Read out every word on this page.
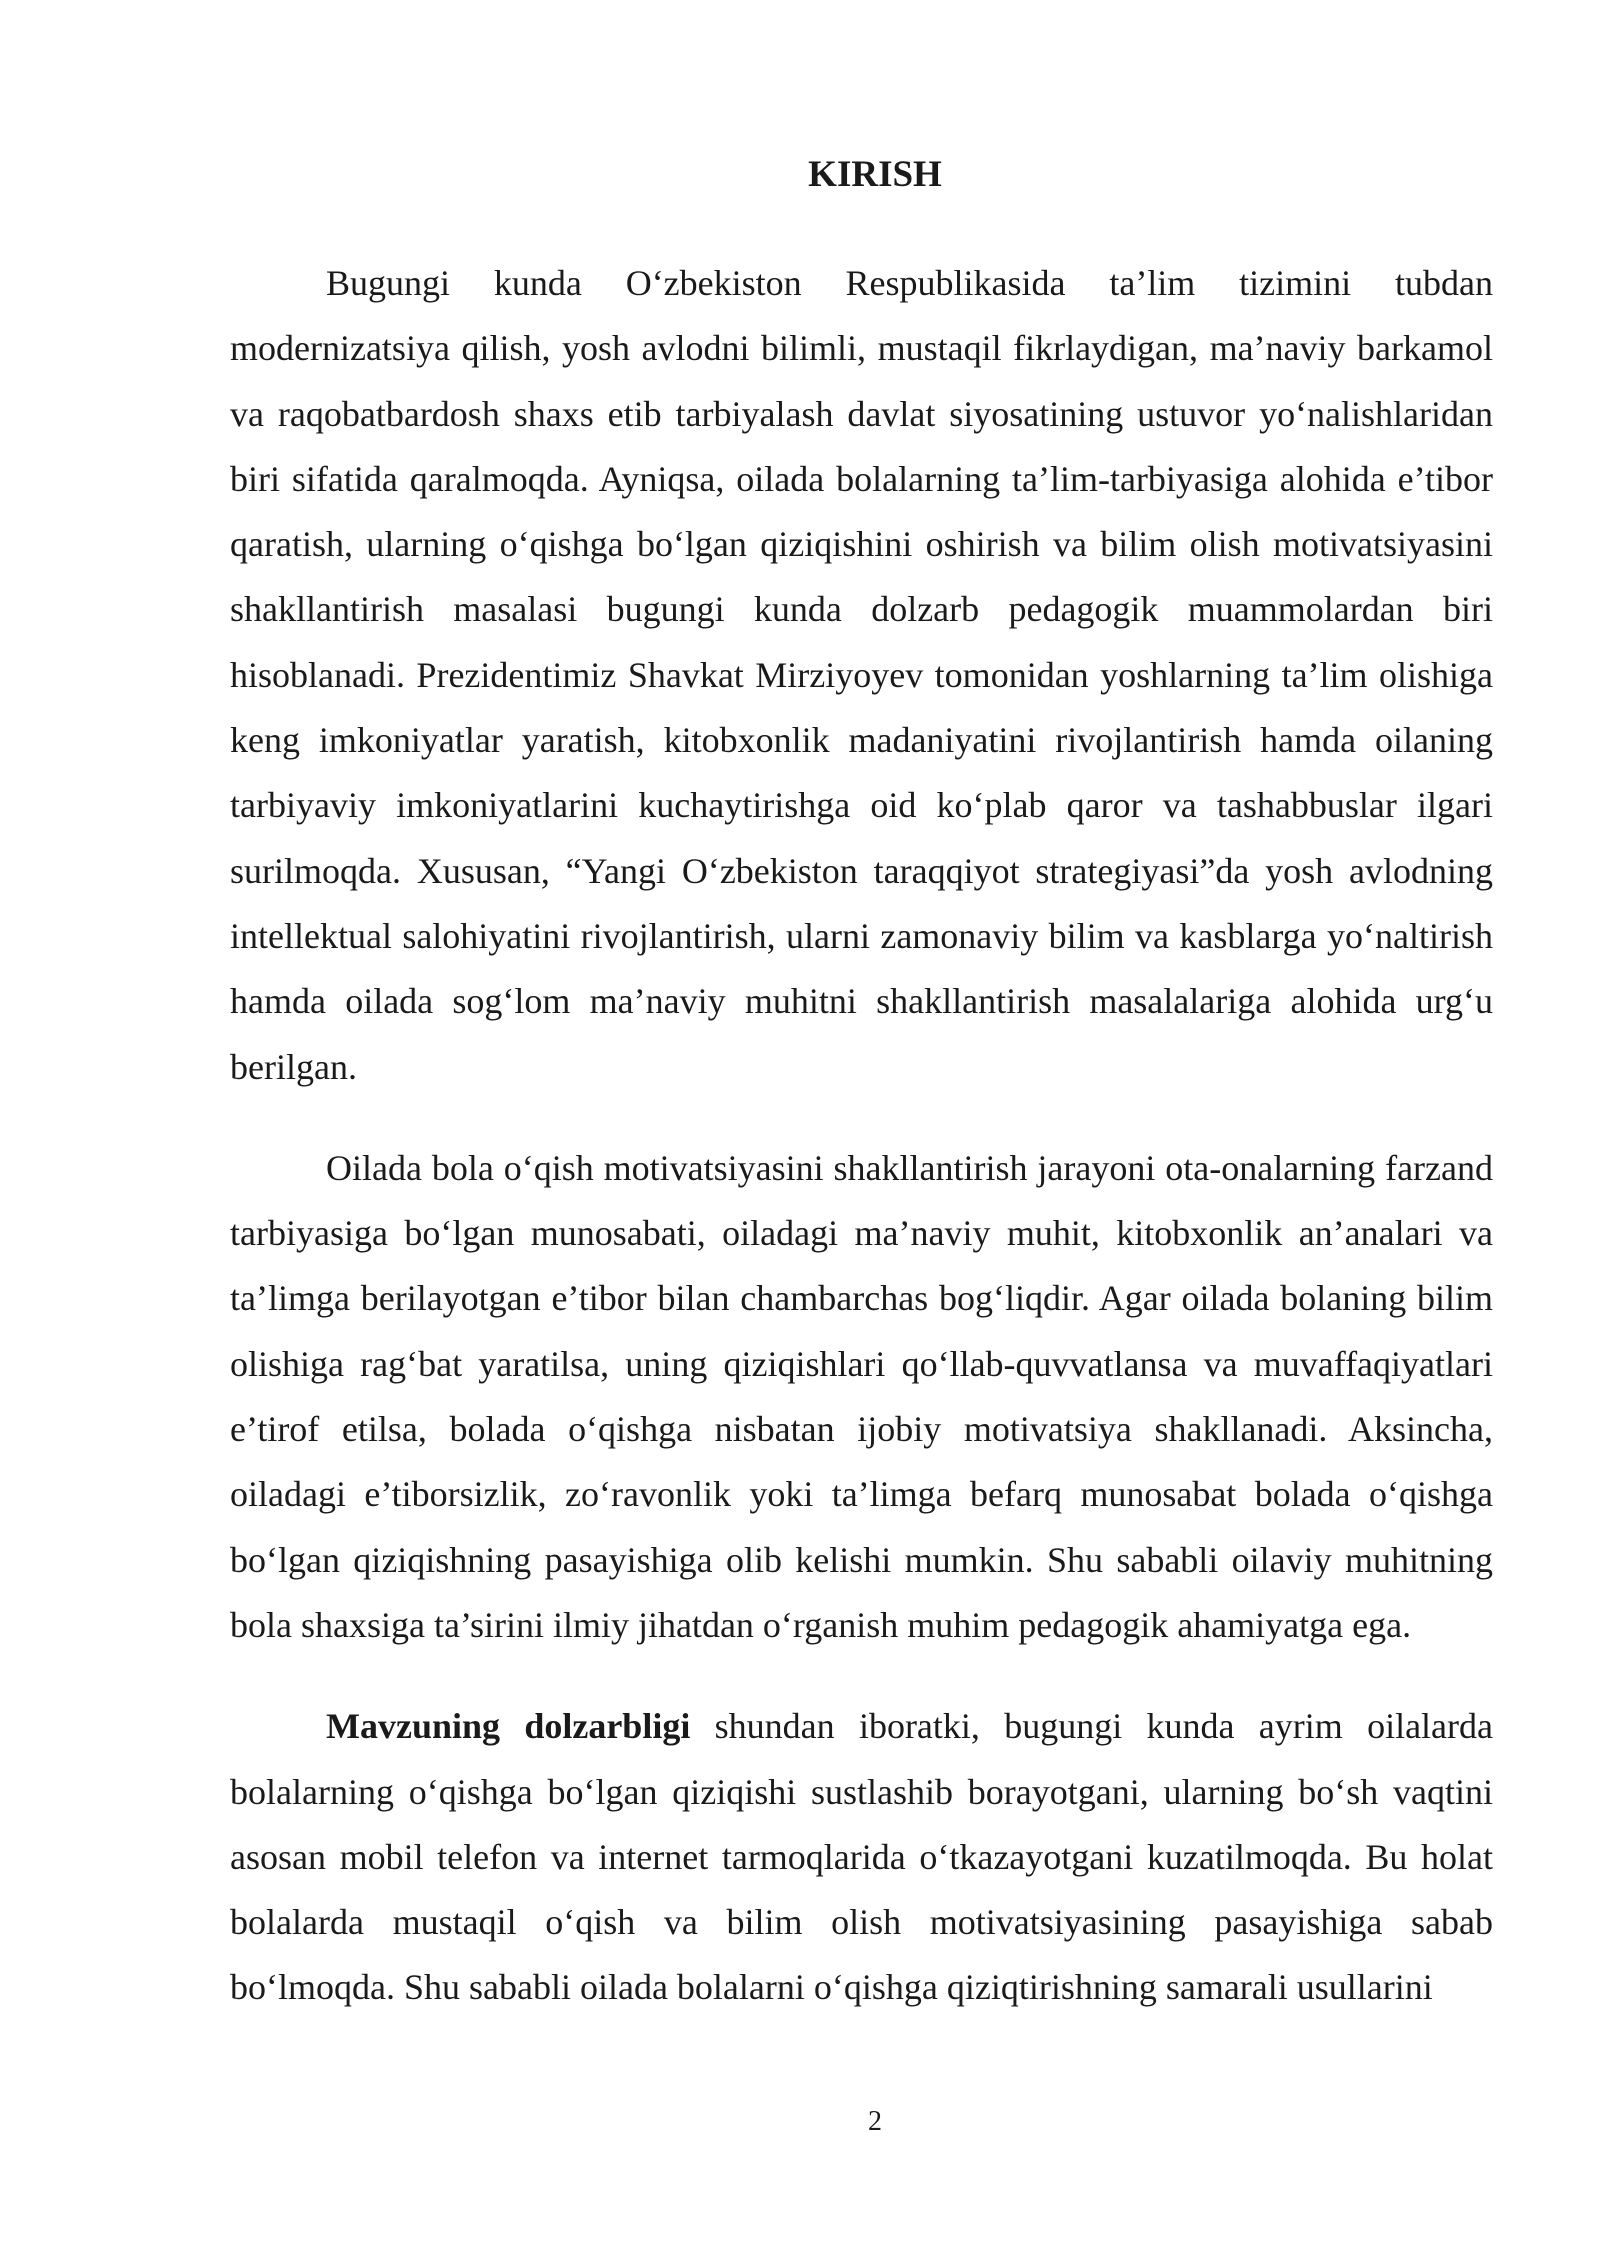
KIRISH

Bugungi kunda O‘zbekiston Respublikasida ta’lim tizimini tubdan modernizatsiya qilish, yosh avlodni bilimli, mustaqil fikrlaydigan, ma’naviy barkamol va raqobatbardosh shaxs etib tarbiyalash davlat siyosatining ustuvor yo‘nalishlaridan biri sifatida qaralmoqda. Ayniqsa, oilada bolalarning ta’lim-tarbiyasiga alohida e’tibor qaratish, ularning o‘qishga bo‘lgan qiziqishini oshirish va bilim olish motivatsiyasini shakllantirish masalasi bugungi kunda dolzarb pedagogik muammolardan biri hisoblanadi. Prezidentimiz Shavkat Mirziyoyev tomonidan yoshlarning ta’lim olishiga keng imkoniyatlar yaratish, kitobxonlik madaniyatini rivojlantirish hamda oilaning tarbiyaviy imkoniyatlarini kuchaytirishga oid ko‘plab qaror va tashabbuslar ilgari surilmoqda. Xususan, “Yangi O‘zbekiston taraqqiyot strategiyasi”da yosh avlodning intellektual salohiyatini rivojlantirish, ularni zamonaviy bilim va kasblarga yo‘naltirish hamda oilada sog‘lom ma’naviy muhitni shakllantirish masalalariga alohida urg‘u berilgan.

Oilada bola o‘qish motivatsiyasini shakllantirish jarayoni ota-onalarning farzand tarbiyasiga bo‘lgan munosabati, oiladagi ma’naviy muhit, kitobxonlik an’analari va ta’limga berilayotgan e’tibor bilan chambarchas bog‘liqdir. Agar oilada bolaning bilim olishiga rag‘bat yaratilsa, uning qiziqishlari qo‘llab-quvvatlansa va muvaffaqiyatlari e’tirof etilsa, bolada o‘qishga nisbatan ijobiy motivatsiya shakllanadi. Aksincha, oiladagi e’tiborsizlik, zo‘ravonlik yoki ta’limga befarq munosabat bolada o‘qishga bo‘lgan qiziqishning pasayishiga olib kelishi mumkin. Shu sababli oilaviy muhitning bola shaxsiga ta’sirini ilmiy jihatdan o‘rganish muhim pedagogik ahamiyatga ega.

Mavzuning dolzarbligi shundan iboratki, bugungi kunda ayrim oilalarda bolalarning o‘qishga bo‘lgan qiziqishi sustlashib borayotgani, ularning bo‘sh vaqtini asosan mobil telefon va internet tarmoqlarida o‘tkazayotgani kuzatilmoqda. Bu holat bolalarda mustaqil o‘qish va bilim olish motivatsiyasining pasayishiga sabab bo‘lmoqda. Shu sababli oilada bolalarni o‘qishga qiziqtirishning samarali usullarini

2
